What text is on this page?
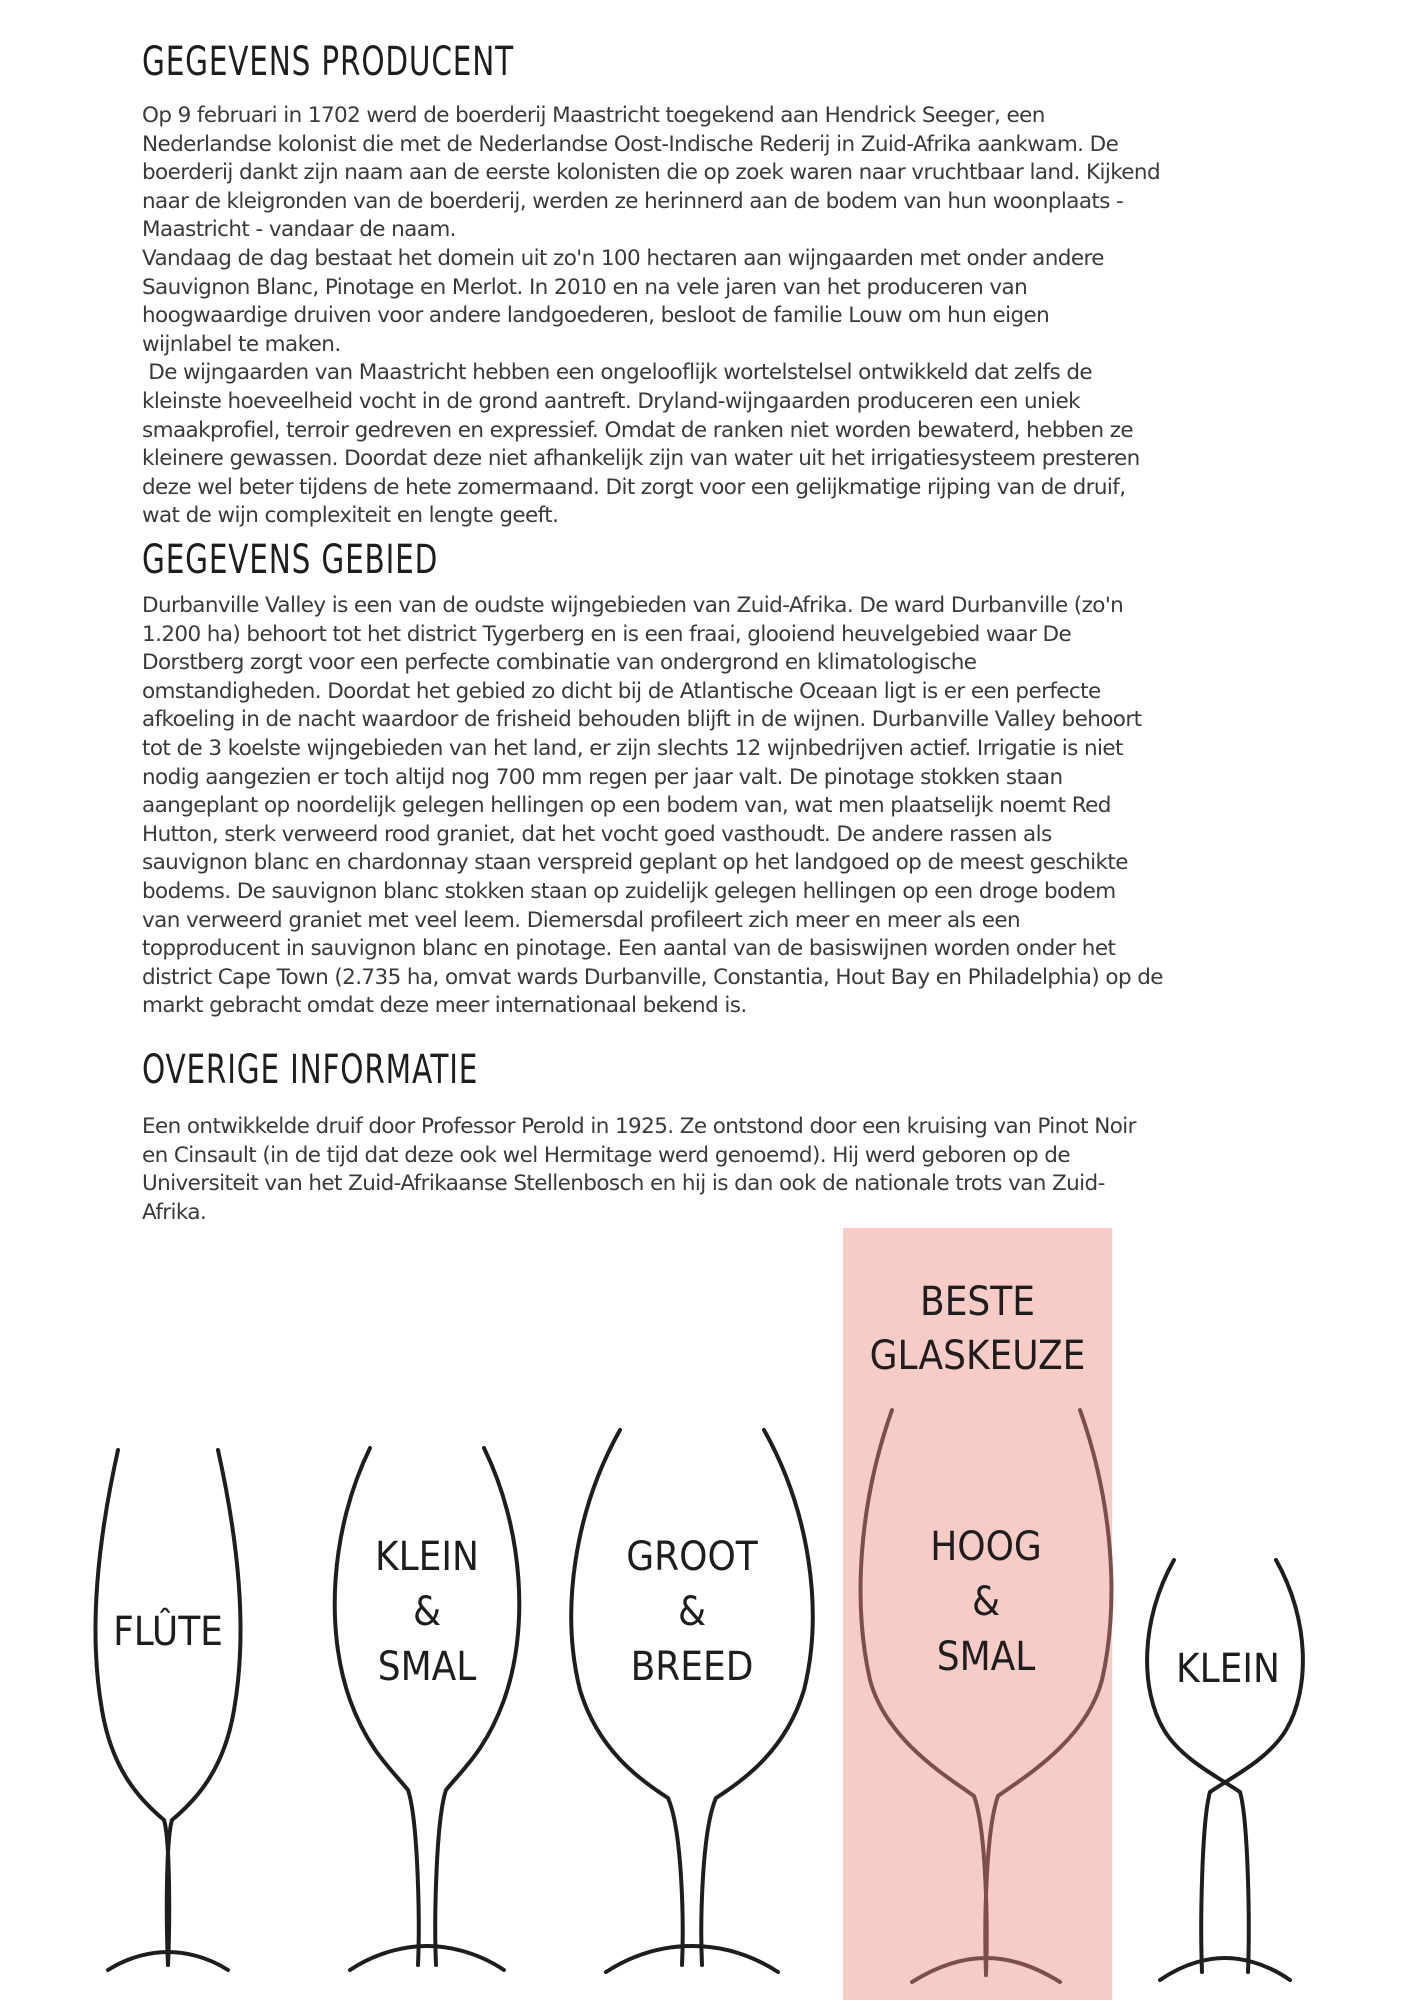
GEGEVENS PRODUCENT
Op 9 februari in 1702 werd de boerderij Maastricht toegekend aan Hendrick Seeger, een
Nederlandse kolonist die met de Nederlandse Oost-Indische Rederij in Zuid-Afrika aankwam. De
boerderij dankt zijn naam aan de eerste kolonisten die op zoek waren naar vruchtbaar land. Kijkend
naar de kleigronden van de boerderij, werden ze herinnerd aan de bodem van hun woonplaats -
Maastricht - vandaar de naam.
Vandaag de dag bestaat het domein uit zo'n 100 hectaren aan wijngaarden met onder andere
Sauvignon Blanc, Pinotage en Merlot. In 2010 en na vele jaren van het produceren van
hoogwaardige druiven voor andere landgoederen, besloot de familie Louw om hun eigen
wijnlabel te maken.
De wijngaarden van Maastricht hebben een ongelooflijk wortelstelsel ontwikkeld dat zelfs de
kleinste hoeveelheid vocht in de grond aantreft. Dryland-wijngaarden produceren een uniek
smaakprofiel, terroir gedreven en expressief. Omdat de ranken niet worden bewaterd, hebben ze
kleinere gewassen. Doordat deze niet afhankelijk zijn van water uit het irrigatiesysteem presteren
deze wel beter tijdens de hete zomermaand. Dit zorgt voor een gelijkmatige rijping van de druif,
wat de wijn complexiteit en lengte geeft.
GEGEVENS GEBIED
Durbanville Valley is een van de oudste wijngebieden van Zuid-Afrika. De ward Durbanville (zo'n
1.200 ha) behoort tot het district Tygerberg en is een fraai, glooiend heuvelgebied waar De
Dorstberg zorgt voor een perfecte combinatie van ondergrond en klimatologische
omstandigheden. Doordat het gebied zo dicht bij de Atlantische Oceaan ligt is er een perfecte
afkoeling in de nacht waardoor de frisheid behouden blijft in de wijnen. Durbanville Valley behoort
tot de 3 koelste wijngebieden van het land, er zijn slechts 12 wijnbedrijven actief. Irrigatie is niet
nodig aangezien er toch altijd nog 700 mm regen per jaar valt. De pinotage stokken staan
aangeplant op noordelijk gelegen hellingen op een bodem van, wat men plaatselijk noemt Red
Hutton, sterk verweerd rood graniet, dat het vocht goed vasthoudt. De andere rassen als
sauvignon blanc en chardonnay staan verspreid geplant op het landgoed op de meest geschikte
bodems. De sauvignon blanc stokken staan op zuidelijk gelegen hellingen op een droge bodem
van verweerd graniet met veel leem. Diemersdal profileert zich meer en meer als een
topproducent in sauvignon blanc en pinotage. Een aantal van de basiswijnen worden onder het
district Cape Town (2.735 ha, omvat wards Durbanville, Constantia, Hout Bay en Philadelphia) op de
markt gebracht omdat deze meer internationaal bekend is.
OVERIGE INFORMATIE
Een ontwikkelde druif door Professor Perold in 1925. Ze ontstond door een kruising van Pinot Noir
en Cinsault (in de tijd dat deze ook wel Hermitage werd genoemd). Hij werd geboren op de
Universiteit van het Zuid-Afrikaanse Stellenbosch en hij is dan ook de nationale trots van Zuid-
Afrika.
BESTE
GLASKEUZE
FLÛTE
KLEIN
&
SMAL
GROOT
&
BREED
HOOG
&
SMAL	KLEIN
